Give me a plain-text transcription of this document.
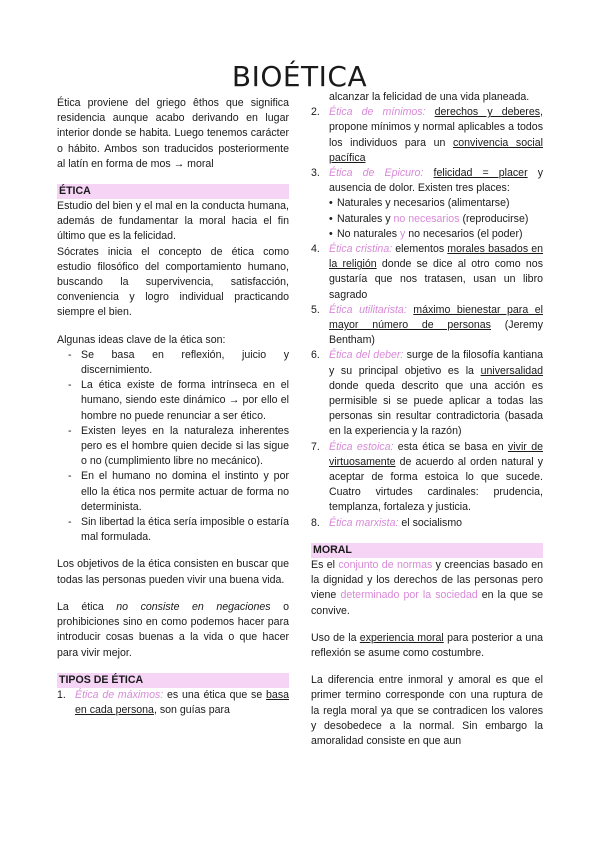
BIOÉTICA

Ética proviene del griego êthos que significa residencia aunque acabo derivando en lugar interior donde se habita. Luego tenemos carácter o hábito. Ambos son traducidos posteriormente al latín en forma de mos → moral

ÉTICA

Estudio del bien y el mal en la conducta humana, además de fundamentar la moral hacia el fin último que es la felicidad.

Sócrates inicia el concepto de ética como estudio filosófico del comportamiento humano, buscando la supervivencia, satisfacción, conveniencia y logro individual practicando siempre el bien.

Algunas ideas clave de la ética son:

- Se basa en reflexión, juicio y discernimiento.
- La ética existe de forma intrínseca en el humano, siendo este dinámico → por ello el hombre no puede renunciar a ser ético.
- Existen leyes en la naturaleza inherentes pero es el hombre quien decide si las sigue o no (cumplimiento libre no mecánico).
- En el humano no domina el instinto y por ello la ética nos permite actuar de forma no determinista.
- Sin libertad la ética sería imposible o estaría mal formulada.

Los objetivos de la ética consisten en buscar que todas las personas pueden vivir una buena vida.

La ética no consiste en negaciones o prohibiciones sino en como podemos hacer para introducir cosas buenas a la vida o que hacer para vivir mejor.

TIPOS DE ÉTICA
1. Ética de máximos: es una ética que se basa en cada persona, son guías para
alcanzar la felicidad de una vida planeada.
2. Ética de mínimos: derechos y deberes, propone mínimos y normal aplicables a todos los individuos para un convivencia social pacífica
3. Ética de Epicuro: felicidad = placer y ausencia de dolor. Existen tres places:
• Naturales y necesarios (alimentarse)
• Naturales y no necesarios (reproducirse)
• No naturales y no necesarios (el poder)
4. Ética cristina: elementos morales basados en la religión donde se dice al otro como nos gustaría que nos tratasen, usan un libro sagrado
5. Ética utilitarista: máximo bienestar para el mayor número de personas (Jeremy Bentham)
6. Ética del deber: surge de la filosofía kantiana y su principal objetivo es la universalidad donde queda descrito que una acción es permisible si se puede aplicar a todas las personas sin resultar contradictoria (basada en la experiencia y la razón)
7. Ética estoica: esta ética se basa en vivir de virtuosamente de acuerdo al orden natural y aceptar de forma estoica lo que sucede. Cuatro virtudes cardinales: prudencia, templanza, fortaleza y justicia.
8. Ética marxista: el socialismo
MORAL

Es el conjunto de normas y creencias basado en la dignidad y los derechos de las personas pero viene determinado por la sociedad en la que se convive.

Uso de la experiencia moral para posterior a una reflexión se asume como costumbre.

La diferencia entre inmoral y amoral es que el primer termino corresponde con una ruptura de la regla moral ya que se contradicen los valores y desobedece a la normal. Sin embargo la amoralidad consiste en que aun
